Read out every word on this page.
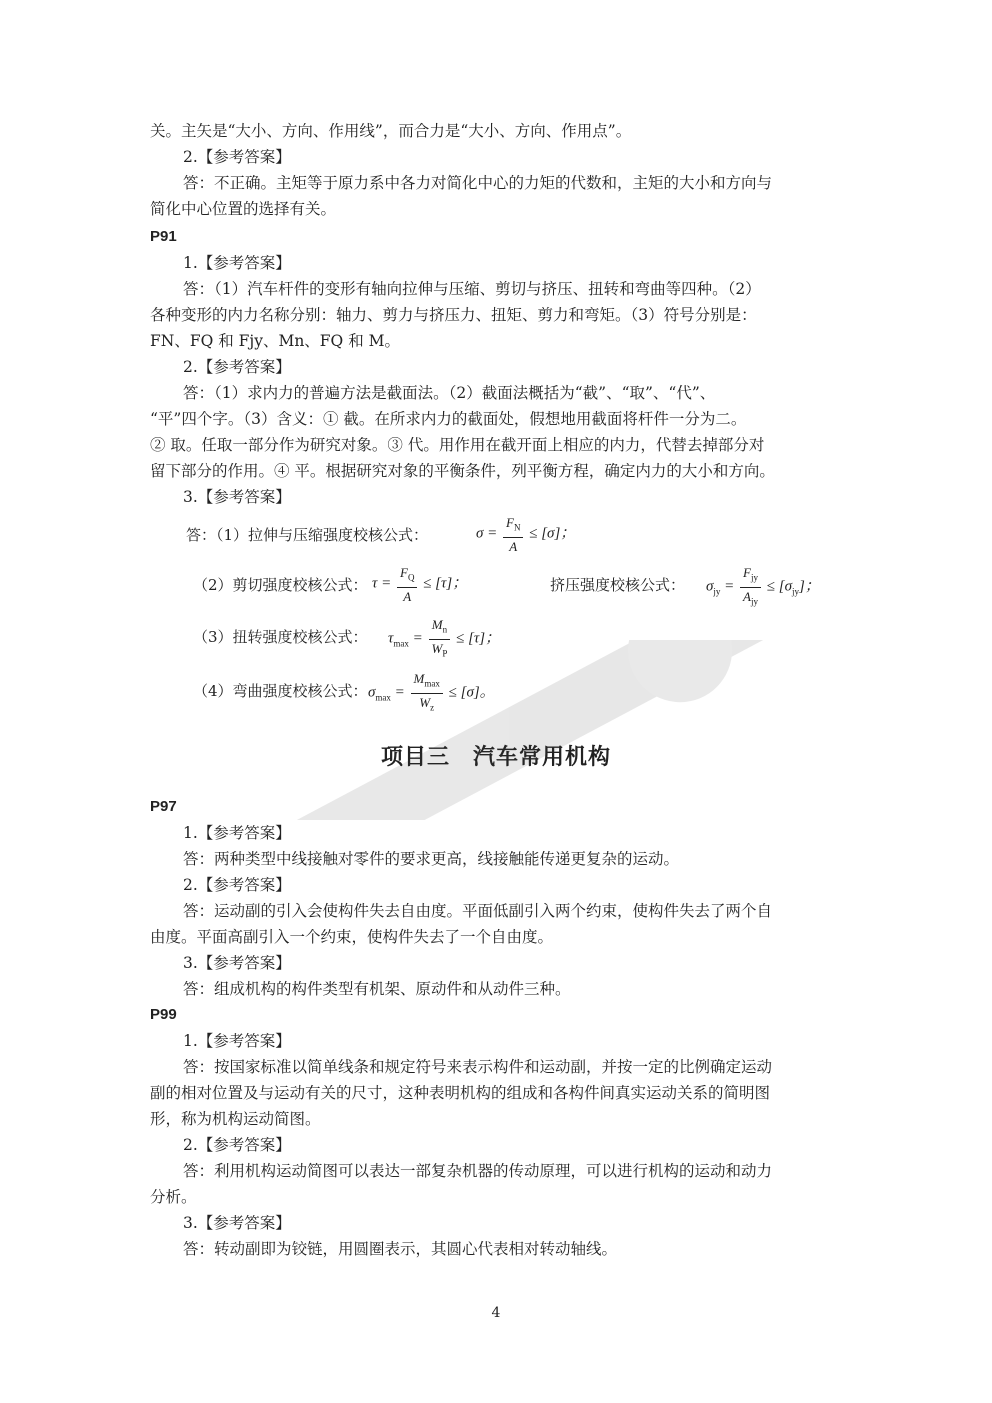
关。主矢是“大小、方向、作用线”，而合力是“大小、方向、作用点”。
2.【参考答案】
答：不正确。主矩等于原力系中各力对简化中心的力矩的代数和，主矩的大小和方向与
简化中心位置的选择有关。
P91
1.【参考答案】
答：（1）汽车杆件的变形有轴向拉伸与压缩、剪切与挤压、扭转和弯曲等四种。（2）
各种变形的内力名称分别：轴力、剪力与挤压力、扭矩、剪力和弯矩。（3）符号分别是：
FN、FQ 和 Fjy、Mn、FQ 和 M。
2.【参考答案】
答：（1）求内力的普遍方法是截面法。（2）截面法概括为“截”、“取”、“代”、
“平”四个字。（3）含义：① 截。在所求内力的截面处，假想地用截面将杆件一分为二。
② 取。任取一部分作为研究对象。③ 代。用作用在截开面上相应的内力，代替去掉部分对
留下部分的作用。④ 平。根据研究对象的平衡条件，列平衡方程，确定内力的大小和方向。
3.【参考答案】
答：（1）拉伸与压缩强度校核公式：	$\sigma = \frac{F_N}{A} \le [\sigma]$；
（2）剪切强度校核公式： $\tau = \frac{F_Q}{A} \le [\tau]$；	挤压强度校核公式： $\sigma_{jy} = \frac{F_{jy}}{A_{jy}} \le [\sigma_{jy}]$；
（3）扭转强度校核公式： $\tau_{max} = \frac{M_n}{W_P} \le [\tau]$；
（4）弯曲强度校核公式： $\sigma_{max} = \frac{M_{max}}{W_z} \le [\sigma]$。
项目三　汽车常用机构
P97
1.【参考答案】
答：两种类型中线接触对零件的要求更高，线接触能传递更复杂的运动。
2.【参考答案】
答：运动副的引入会使构件失去自由度。平面低副引入两个约束，使构件失去了两个自
由度。平面高副引入一个约束，使构件失去了一个自由度。
3.【参考答案】
答：组成机构的构件类型有机架、原动件和从动件三种。
P99
1.【参考答案】
答：按国家标准以简单线条和规定符号来表示构件和运动副，并按一定的比例确定运动
副的相对位置及与运动有关的尺寸，这种表明机构的组成和各构件间真实运动关系的简明图
形，称为机构运动简图。
2.【参考答案】
答：利用机构运动简图可以表达一部复杂机器的传动原理，可以进行机构的运动和动力
分析。
3.【参考答案】
答：转动副即为铰链，用圆圈表示，其圆心代表相对转动轴线。
4
